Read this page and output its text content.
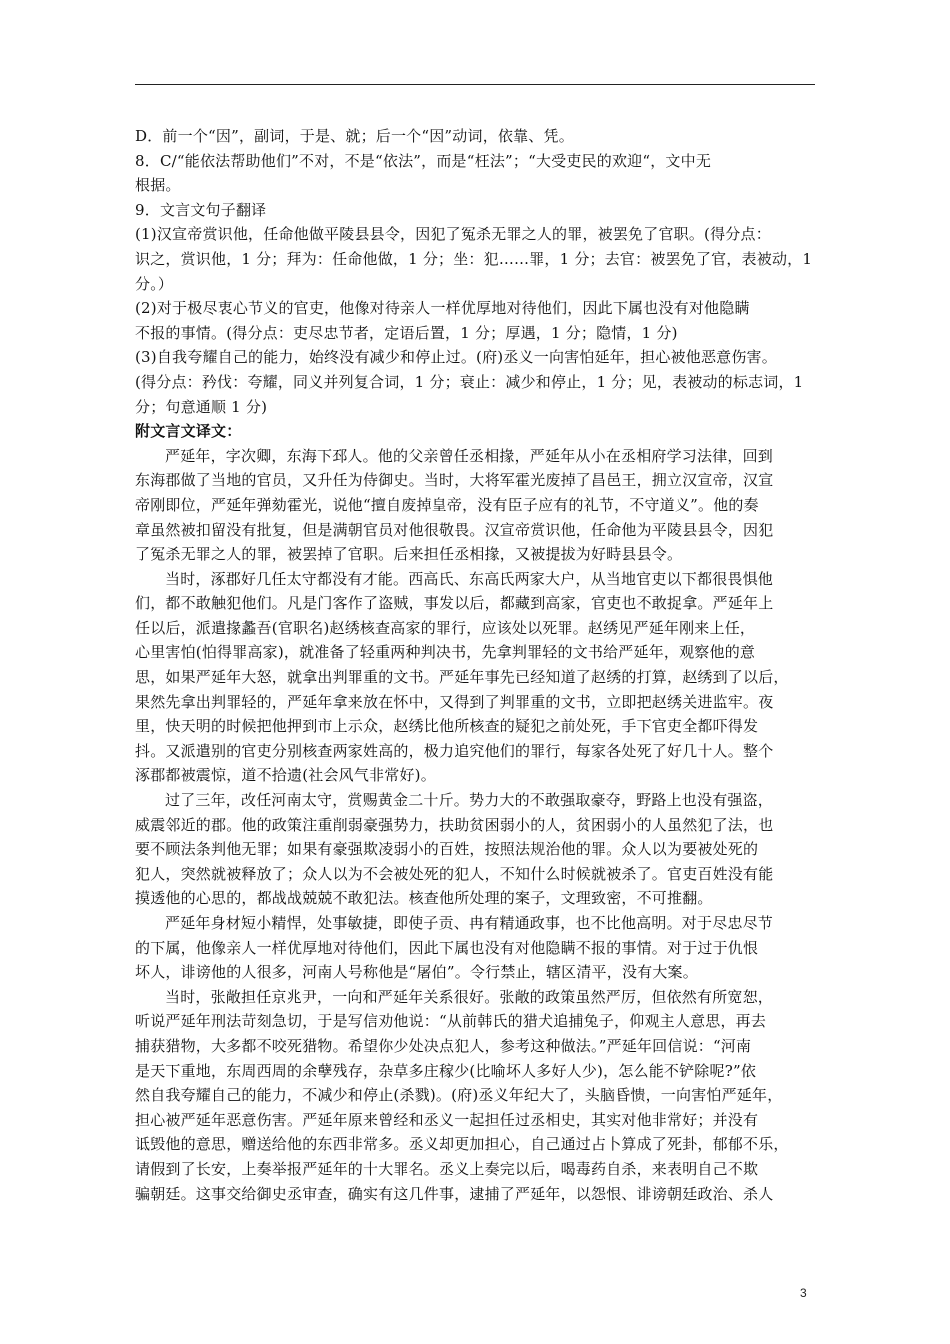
D．前一个“因”，副词，于是、就；后一个“因”动词，依靠、凭。

8．C/“能依法帮助他们”不对，不是“依法”，而是“枉法”；“大受吏民的欢迎“，文中无

根据。

9．文言文句子翻译

(1)汉宣帝赏识他，任命他做平陵县县令，因犯了冤杀无罪之人的罪，被罢免了官职。(得分点：

识之，赏识他，1 分；拜为：任命他做，1 分；坐：犯……罪，1 分；去官：被罢免了官，表被动，1

分。）

(2)对于极尽衷心节义的官吏，他像对待亲人一样优厚地对待他们，因此下属也没有对他隐瞒

不报的事情。(得分点：吏尽忠节者，定语后置，1 分；厚遇，1 分；隐情，1 分)

(3)自我夸耀自己的能力，始终没有减少和停止过。(府)丞义一向害怕延年，担心被他恶意伤害。

(得分点：矜伐：夸耀，同义并列复合词，1 分；衰止：减少和停止，1 分；见，表被动的标志词，1

分；句意通顺 1 分)

附文言文译文：

严延年，字次卿，东海下邳人。他的父亲曾任丞相掾，严延年从小在丞相府学习法律，回到

东海郡做了当地的官员，又升任为侍御史。当时，大将军霍光废掉了昌邑王，拥立汉宣帝，汉宣

帝刚即位，严延年弹劾霍光，说他“擅自废掉皇帝，没有臣子应有的礼节，不守道义”。他的奏

章虽然被扣留没有批复，但是满朝官员对他很敬畏。汉宣帝赏识他，任命他为平陵县县令，因犯

了冤杀无罪之人的罪，被罢掉了官职。后来担任丞相掾，又被提拔为好畤县县令。

当时，涿郡好几任太守都没有才能。西高氏、东高氏两家大户，从当地官吏以下都很畏惧他

们，都不敢触犯他们。凡是门客作了盗贼，事发以后，都藏到高家，官吏也不敢捉拿。严延年上

任以后，派遣掾蠡吾(官职名)赵绣核查高家的罪行，应该处以死罪。赵绣见严延年刚来上任，

心里害怕(怕得罪高家)，就准备了轻重两种判决书，先拿判罪轻的文书给严延年，观察他的意

思，如果严延年大怒，就拿出判罪重的文书。严延年事先已经知道了赵绣的打算，赵绣到了以后，

果然先拿出判罪轻的，严延年拿来放在怀中，又得到了判罪重的文书，立即把赵绣关进监牢。夜

里，快天明的时候把他押到市上示众，赵绣比他所核查的疑犯之前处死，手下官吏全都吓得发

抖。又派遣别的官吏分别核查两家姓高的，极力追究他们的罪行，每家各处死了好几十人。整个

涿郡都被震惊，道不拾遗(社会风气非常好)。

过了三年，改任河南太守，赏赐黄金二十斤。势力大的不敢强取豪夺，野路上也没有强盗，

威震邻近的郡。他的政策注重削弱豪强势力，扶助贫困弱小的人，贫困弱小的人虽然犯了法，也

要不顾法条判他无罪；如果有豪强欺凌弱小的百姓，按照法规治他的罪。众人以为要被处死的

犯人，突然就被释放了；众人以为不会被处死的犯人，不知什么时候就被杀了。官吏百姓没有能

摸透他的心思的，都战战兢兢不敢犯法。核查他所处理的案子，文理致密，不可推翻。

严延年身材短小精悍，处事敏捷，即使子贡、冉有精通政事，也不比他高明。对于尽忠尽节

的下属，他像亲人一样优厚地对待他们，因此下属也没有对他隐瞒不报的事情。对于过于仇恨

坏人，诽谤他的人很多，河南人号称他是“屠伯”。令行禁止，辖区清平，没有大案。

当时，张敞担任京兆尹，一向和严延年关系很好。张敞的政策虽然严厉，但依然有所宽恕，

听说严延年刑法苛刻急切，于是写信劝他说：“从前韩氏的猎犬追捕兔子，仰观主人意思，再去

捕获猎物，大多都不咬死猎物。希望你少处决点犯人，参考这种做法。”严延年回信说：“河南

是天下重地，东周西周的余孽残存，杂草多庄稼少(比喻坏人多好人少)，怎么能不铲除呢?”依

然自我夸耀自己的能力，不减少和停止(杀戮)。(府)丞义年纪大了，头脑昏愦，一向害怕严延年，

担心被严延年恶意伤害。严延年原来曾经和丞义一起担任过丞相史，其实对他非常好；并没有

诋毁他的意思，赠送给他的东西非常多。丞义却更加担心，自己通过占卜算成了死卦，郁郁不乐，

请假到了长安，上奏举报严延年的十大罪名。丞义上奏完以后，喝毒药自杀，来表明自己不欺

骗朝廷。这事交给御史丞审查，确实有这几件事，逮捕了严延年，以怨恨、诽谤朝廷政治、杀人

3
